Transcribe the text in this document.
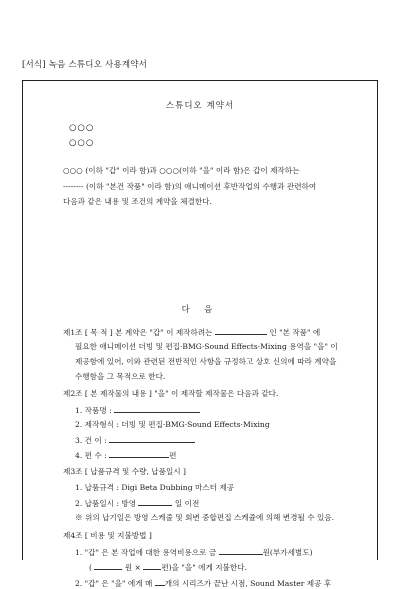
[서식] 녹음 스튜디오 사용계약서
스튜디오 계약서
○○○
○○○
○○○ (이하 "갑" 이라 함)과 ○○○(이하 "을" 이라 함)은 갑이 제작하는
-------- (이하 "본건 작품" 이라 함)의 애니메이션 후반작업의 수행과 관련하여
다음과 같은 내용 및 조건의 계약을 체결한다.
다 음
제1조 [ 목 적 ] 본 계약은 "갑" 이 제작하려는	인 "본 작품" 에
필요한 애니메이션 더빙 및 편집·BMG·Sound Effects·Mixing 용역을 "을" 이
제공함에 있어, 이와 관련된 전반적인 사항을 규정하고 상호 신의에 따라 계약을
수행함을 그 목적으로 한다.
제2조 [ 본 제작물의 내용 ] "을" 이 제작할 제작물은 다음과 같다.
1. 작품명 :
2. 제작형식 : 더빙 및 편집·BMG·Sound Effects·Mixing
3. 건 이 :
4. 편 수 :	편
제3조 [ 납품규격 및 수량, 납품일시 ]
1. 납품규격 : Digi Beta Dubbing 마스터 제공
2. 납품일시 : 방영	일 이전
※ 위의 납기일은 방영 스케줄 및 회변 중합편집 스케쥴에 의해 변경될 수 있음.
제4조 [ 비용 및 지불방법 ]
1. "갑" 은 본 작업에 대한 용역비용으로 금	원(부가세별도)
(	원 ×	편)을 "을" 에게 지불한다.
2. "갑" 은 "을" 에게 매 개의 시리즈가 끝난 시점, Sound Master 제공 후
